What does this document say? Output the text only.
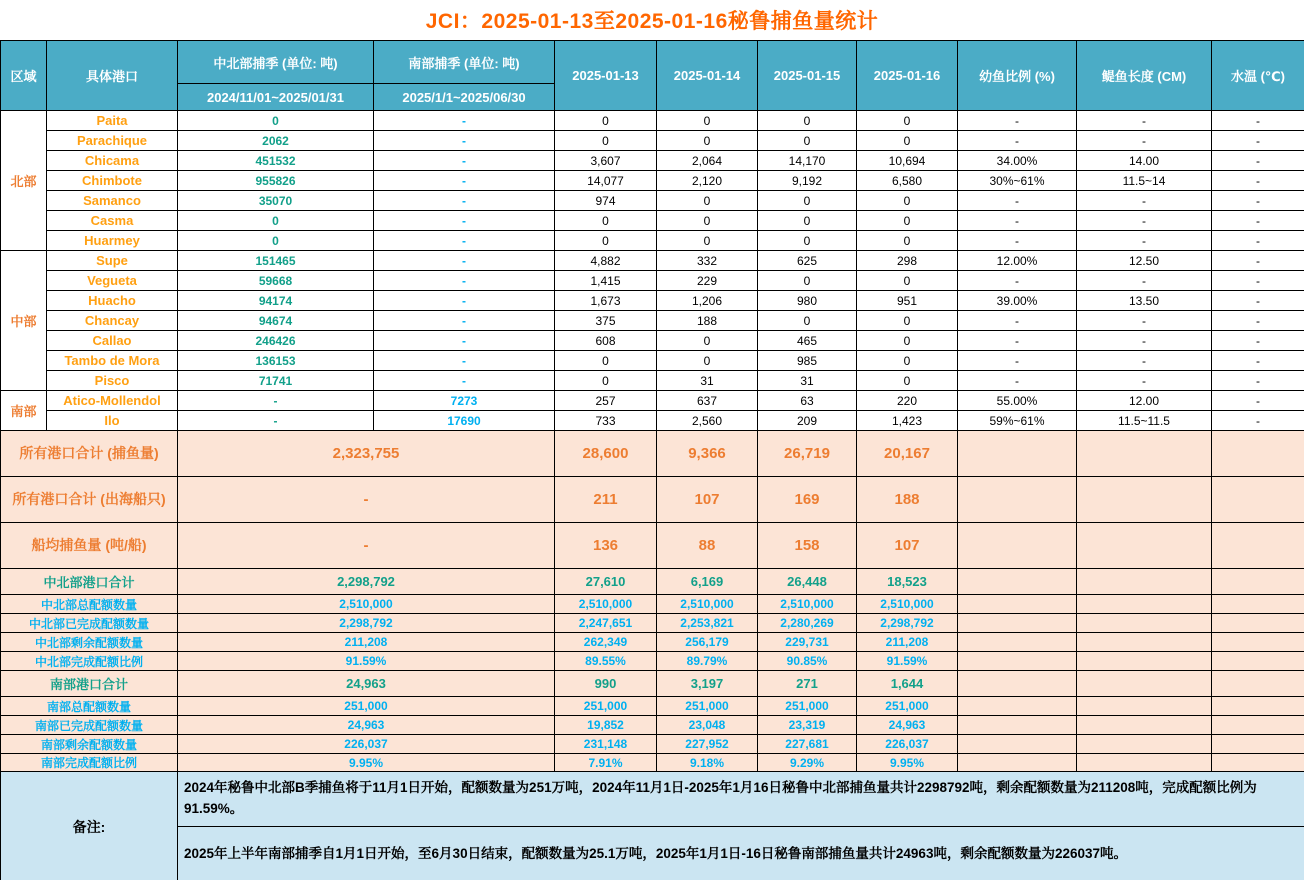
JCI：2025-01-13至2025-01-16秘鲁捕鱼量统计
区域	具体港口	中北部捕季 (单位: 吨)	南部捕季 (单位: 吨)	2025-01-13	2025-01-14	2025-01-15	2025-01-16	幼鱼比例 (%)	鳀鱼长度 (CM)	水温 (℃)
		2024/11/01~2025/01/31	2025/1/1~2025/06/30							
北部	Paita	0	-	0	0	0	0	-	-	-
	Parachique	2062	-	0	0	0	0	-	-	-
	Chicama	451532	-	3,607	2,064	14,170	10,694	34.00%	14.00	-
	Chimbote	955826	-	14,077	2,120	9,192	6,580	30%~61%	11.5~14	-
	Samanco	35070	-	974	0	0	0	-	-	-
	Casma	0	-	0	0	0	0	-	-	-
	Huarmey	0	-	0	0	0	0	-	-	-
中部	Supe	151465	-	4,882	332	625	298	12.00%	12.50	-
	Vegueta	59668	-	1,415	229	0	0	-	-	-
	Huacho	94174	-	1,673	1,206	980	951	39.00%	13.50	-
	Chancay	94674	-	375	188	0	0	-	-	-
	Callao	246426	-	608	0	465	0	-	-	-
	Tambo de Mora	136153	-	0	0	985	0	-	-	-
	Pisco	71741	-	0	31	31	0	-	-	-
南部	Atico-Mollendol	-	7273	257	637	63	220	55.00%	12.00	-
	Ilo	-	17690	733	2,560	209	1,423	59%~61%	11.5~11.5	-
所有港口合计 (捕鱼量)		2,323,755		28,600	9,366	26,719	20,167			
所有港口合计 (出海船只)		-		211	107	169	188			
船均捕鱼量 (吨/船)		-		136	88	158	107			
中北部港口合计		2,298,792		27,610	6,169	26,448	18,523			
中北部总配额数量		2,510,000		2,510,000	2,510,000	2,510,000	2,510,000			
中北部已完成配额数量		2,298,792		2,247,651	2,253,821	2,280,269	2,298,792			
中北部剩余配额数量		211,208		262,349	256,179	229,731	211,208			
中北部完成配额比例		91.59%		89.55%	89.79%	90.85%	91.59%			
南部港口合计		24,963		990	3,197	271	1,644			
南部总配额数量		251,000		251,000	251,000	251,000	251,000			
南部已完成配额数量		24,963		19,852	23,048	23,319	24,963			
南部剩余配额数量		226,037		231,148	227,952	227,681	226,037			
南部完成配额比例		9.95%		7.91%	9.18%	9.29%	9.95%			
备注:		2024年秘鲁中北部B季捕鱼将于11月1日开始，配额数量为251万吨，2024年11月1日-2025年1月16日秘鲁中北部捕鱼量共计2298792吨，剩余配额数量为211208吨，完成配额比例为91.59%。								
		2025年上半年南部捕季自1月1日开始，至6月30日结束，配额数量为25.1万吨，2025年1月1日-16日秘鲁南部捕鱼量共计24963吨，剩余配额数量为226037吨。								
